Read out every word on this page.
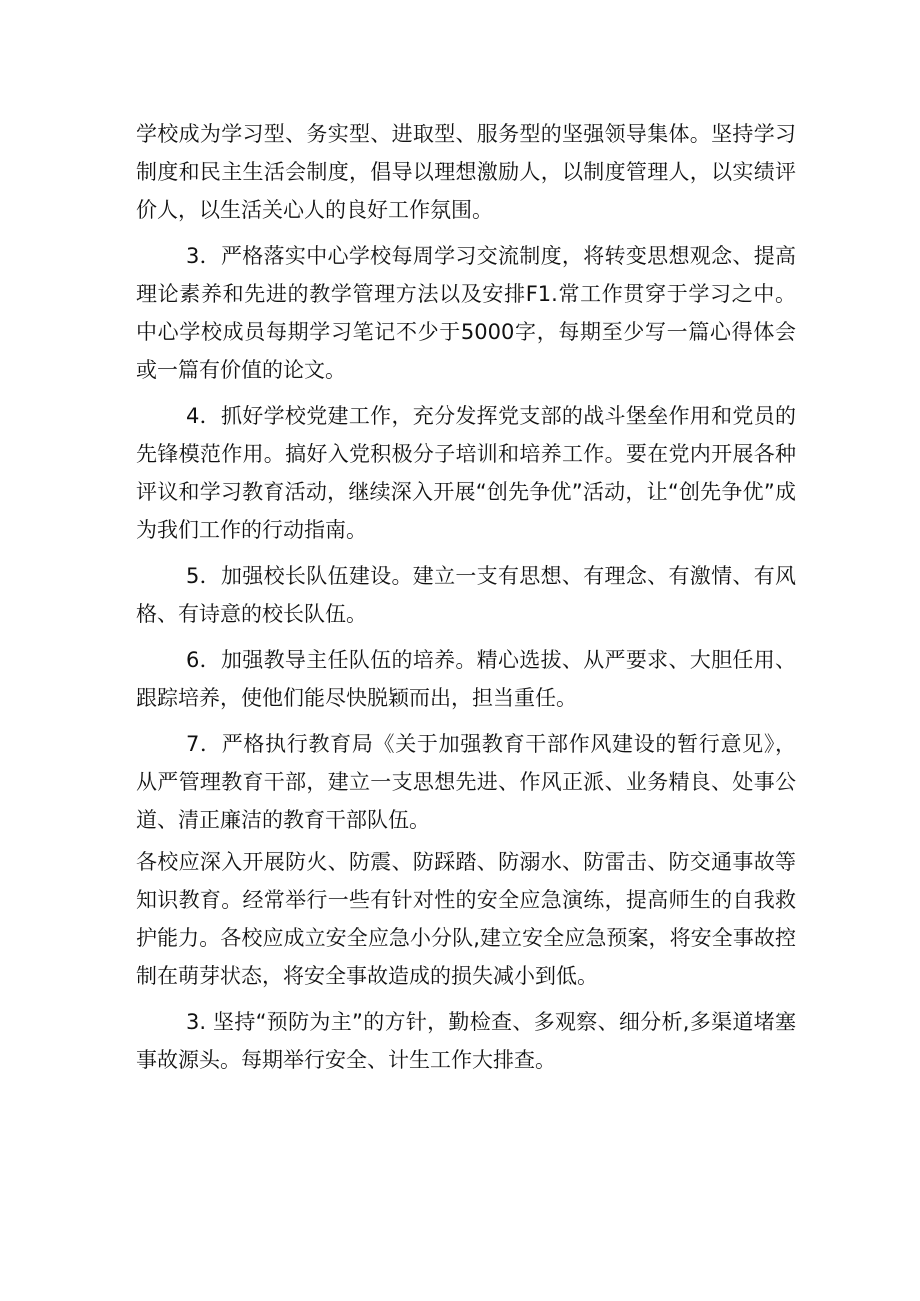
学校成为学习型、务实型、进取型、服务型的坚强领导集体。坚持学习制度和民主生活会制度，倡导以理想激励人，以制度管理人，以实绩评价人，以生活关心人的良好工作氛围。

3．严格落实中心学校每周学习交流制度，将转变思想观念、提高理论素养和先进的教学管理方法以及安排F1.常工作贯穿于学习之中。中心学校成员每期学习笔记不少于5000字，每期至少写一篇心得体会或一篇有价值的论文。

4．抓好学校党建工作，充分发挥党支部的战斗堡垒作用和党员的先锋模范作用。搞好入党积极分子培训和培养工作。要在党内开展各种评议和学习教育活动，继续深入开展“创先争优”活动，让“创先争优”成为我们工作的行动指南。

5．加强校长队伍建设。建立一支有思想、有理念、有激情、有风格、有诗意的校长队伍。

6．加强教导主任队伍的培养。精心选拔、从严要求、大胆任用、跟踪培养，使他们能尽快脱颖而出，担当重任。

7．严格执行教育局《关于加强教育干部作风建设的暂行意见》，从严管理教育干部，建立一支思想先进、作风正派、业务精良、处事公道、清正廉洁的教育干部队伍。

各校应深入开展防火、防震、防踩踏、防溺水、防雷击、防交通事故等知识教育。经常举行一些有针对性的安全应急演练，提高师生的自我救护能力。各校应成立安全应急小分队,建立安全应急预案，将安全事故控制在萌芽状态，将安全事故造成的损失减小到低。

3. 坚持“预防为主”的方针，勤检查、多观察、细分析,多渠道堵塞事故源头。每期举行安全、计生工作大排查。
